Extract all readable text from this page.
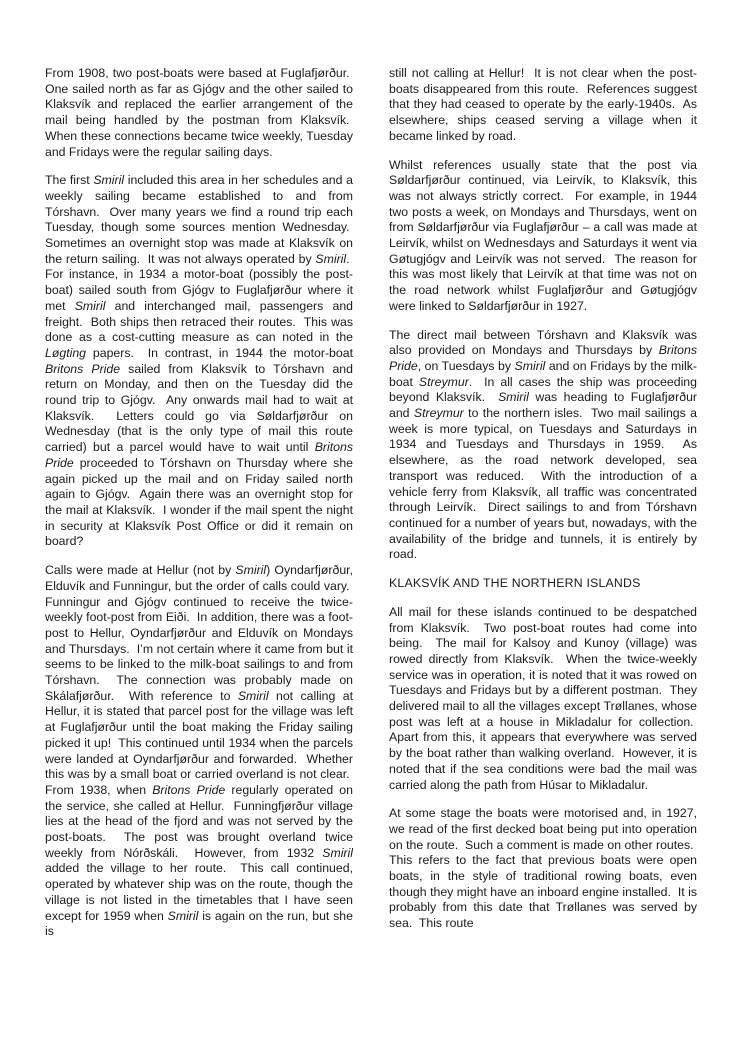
From 1908, two post-boats were based at Fuglafjørður.  One sailed north as far as Gjógv and the other sailed to Klaksvík and replaced the earlier arrangement of the mail being handled by the postman from Klaksvík.  When these connections became twice weekly, Tuesday and Fridays were the regular sailing days.

The first Smiril included this area in her schedules and a weekly sailing became established to and from Tórshavn.  Over many years we find a round trip each Tuesday, though some sources mention Wednesday.  Sometimes an overnight stop was made at Klaksvík on the return sailing.  It was not always operated by Smiril.  For instance, in 1934 a motor-boat (possibly the post-boat) sailed south from Gjógv to Fuglafjørður where it met Smiril and interchanged mail, passengers and freight.  Both ships then retraced their routes.  This was done as a cost-cutting measure as can noted in the Løgting papers.  In contrast, in 1944 the motor-boat Britons Pride sailed from Klaksvík to Tórshavn and return on Monday, and then on the Tuesday did the round trip to Gjógv.  Any onwards mail had to wait at Klaksvík.  Letters could go via Søldarfjørður on Wednesday (that is the only type of mail this route carried) but a parcel would have to wait until Britons Pride proceeded to Tórshavn on Thursday where she again picked up the mail and on Friday sailed north again to Gjógv.  Again there was an overnight stop for the mail at Klaksvík.  I wonder if the mail spent the night in security at Klaksvík Post Office or did it remain on board?

Calls were made at Hellur (not by Smiril) Oyndarfjørður, Elduvík and Funningur, but the order of calls could vary.  Funningur and Gjógv continued to receive the twice-weekly foot-post from Eiði.  In addition, there was a foot-post to Hellur, Oyndarfjørður and Elduvík on Mondays and Thursdays.  I’m not certain where it came from but it seems to be linked to the milk-boat sailings to and from Tórshavn.  The connection was probably made on Skálafjørður.  With reference to Smiril not calling at Hellur, it is stated that parcel post for the village was left at Fuglafjørður until the boat making the Friday sailing picked it up!  This continued until 1934 when the parcels were landed at Oyndarfjørður and forwarded.  Whether this was by a small boat or carried overland is not clear.  From 1938, when Britons Pride regularly operated on the service, she called at Hellur.  Funningfjørður village lies at the head of the fjord and was not served by the post-boats.  The post was brought overland twice weekly from Nórðskáli.  However, from 1932 Smiril added the village to her route.  This call continued, operated by whatever ship was on the route, though the village is not listed in the timetables that I have seen except for 1959 when Smiril is again on the run, but she is

still not calling at Hellur!  It is not clear when the post-boats disappeared from this route.  References suggest that they had ceased to operate by the early-1940s.  As elsewhere, ships ceased serving a village when it became linked by road.

Whilst references usually state that the post via Søldarfjørður continued, via Leirvík, to Klaksvík, this was not always strictly correct.  For example, in 1944 two posts a week, on Mondays and Thursdays, went on from Søldarfjørður via Fuglafjørður – a call was made at Leirvík, whilst on Wednesdays and Saturdays it went via Gøtugjógv and Leirvík was not served.  The reason for this was most likely that Leirvík at that time was not on the road network whilst Fuglafjørður and Gøtugjógv were linked to Søldarfjørður in 1927.

The direct mail between Tórshavn and Klaksvík was also provided on Mondays and Thursdays by Britons Pride, on Tuesdays by Smiril and on Fridays by the milk-boat Streymur.  In all cases the ship was proceeding beyond Klaksvík.  Smiril was heading to Fuglafjørður and Streymur to the northern isles.  Two mail sailings a week is more typical, on Tuesdays and Saturdays in 1934 and Tuesdays and Thursdays in 1959.  As elsewhere, as the road network developed, sea transport was reduced.  With the introduction of a vehicle ferry from Klaksvík, all traffic was concentrated through Leirvík.  Direct sailings to and from Tórshavn continued for a number of years but, nowadays, with the availability of the bridge and tunnels, it is entirely by road.

KLAKSVÍK AND THE NORTHERN ISLANDS

All mail for these islands continued to be despatched from Klaksvík.  Two post-boat routes had come into being.  The mail for Kalsoy and Kunoy (village) was rowed directly from Klaksvík.  When the twice-weekly service was in operation, it is noted that it was rowed on Tuesdays and Fridays but by a different postman.  They delivered mail to all the villages except Trøllanes, whose post was left at a house in Mikladalur for collection.  Apart from this, it appears that everywhere was served by the boat rather than walking overland.  However, it is noted that if the sea conditions were bad the mail was carried along the path from Húsar to Mikladalur.

At some stage the boats were motorised and, in 1927, we read of the first decked boat being put into operation on the route.  Such a comment is made on other routes.  This refers to the fact that previous boats were open boats, in the style of traditional rowing boats, even though they might have an inboard engine installed.  It is probably from this date that Trøllanes was served by sea.  This route
